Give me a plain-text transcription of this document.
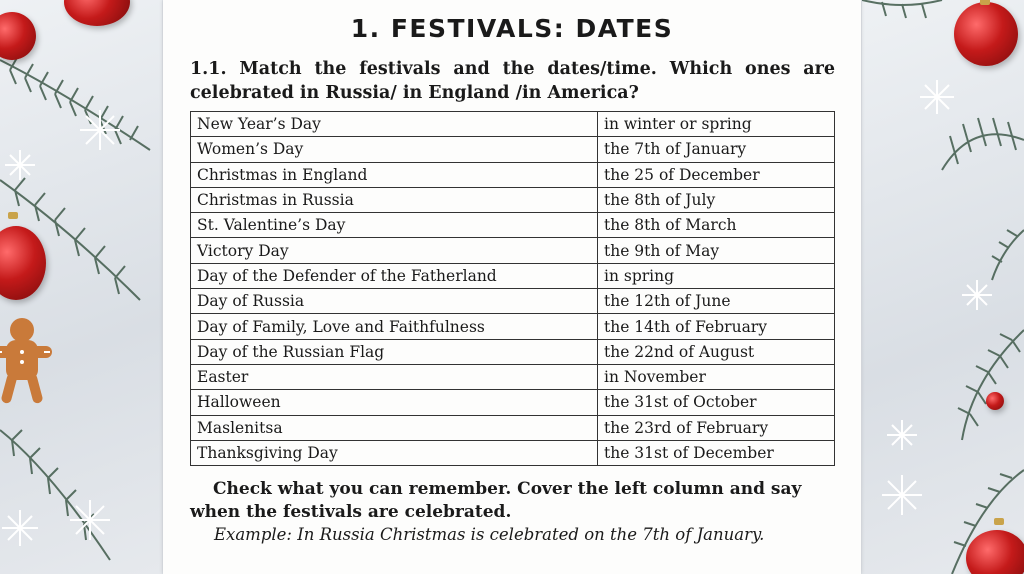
1. FESTIVALS: DATES
1.1. Match the festivals and the dates/time. Which ones are celebrated in Russia/ in England /in America?
New Year’s Day	in winter or spring
Women’s Day	the 7th of January
Christmas in England	the 25 of December
Christmas in Russia	the 8th of July
St. Valentine’s Day	the 8th of March
Victory Day	the 9th of May
Day of the Defender of the Fatherland	in spring
Day of Russia	the 12th of June
Day of Family, Love and Faithfulness	the 14th of February
Day of the Russian Flag	the 22nd of August
Easter	in November
Halloween	the 31st of October
Maslenitsa	the 23rd of February
Thanksgiving Day	the 31st of December
Check what you can remember. Cover the left column and say when the festivals are celebrated.
Example: In Russia Christmas is celebrated on the 7th of January.
